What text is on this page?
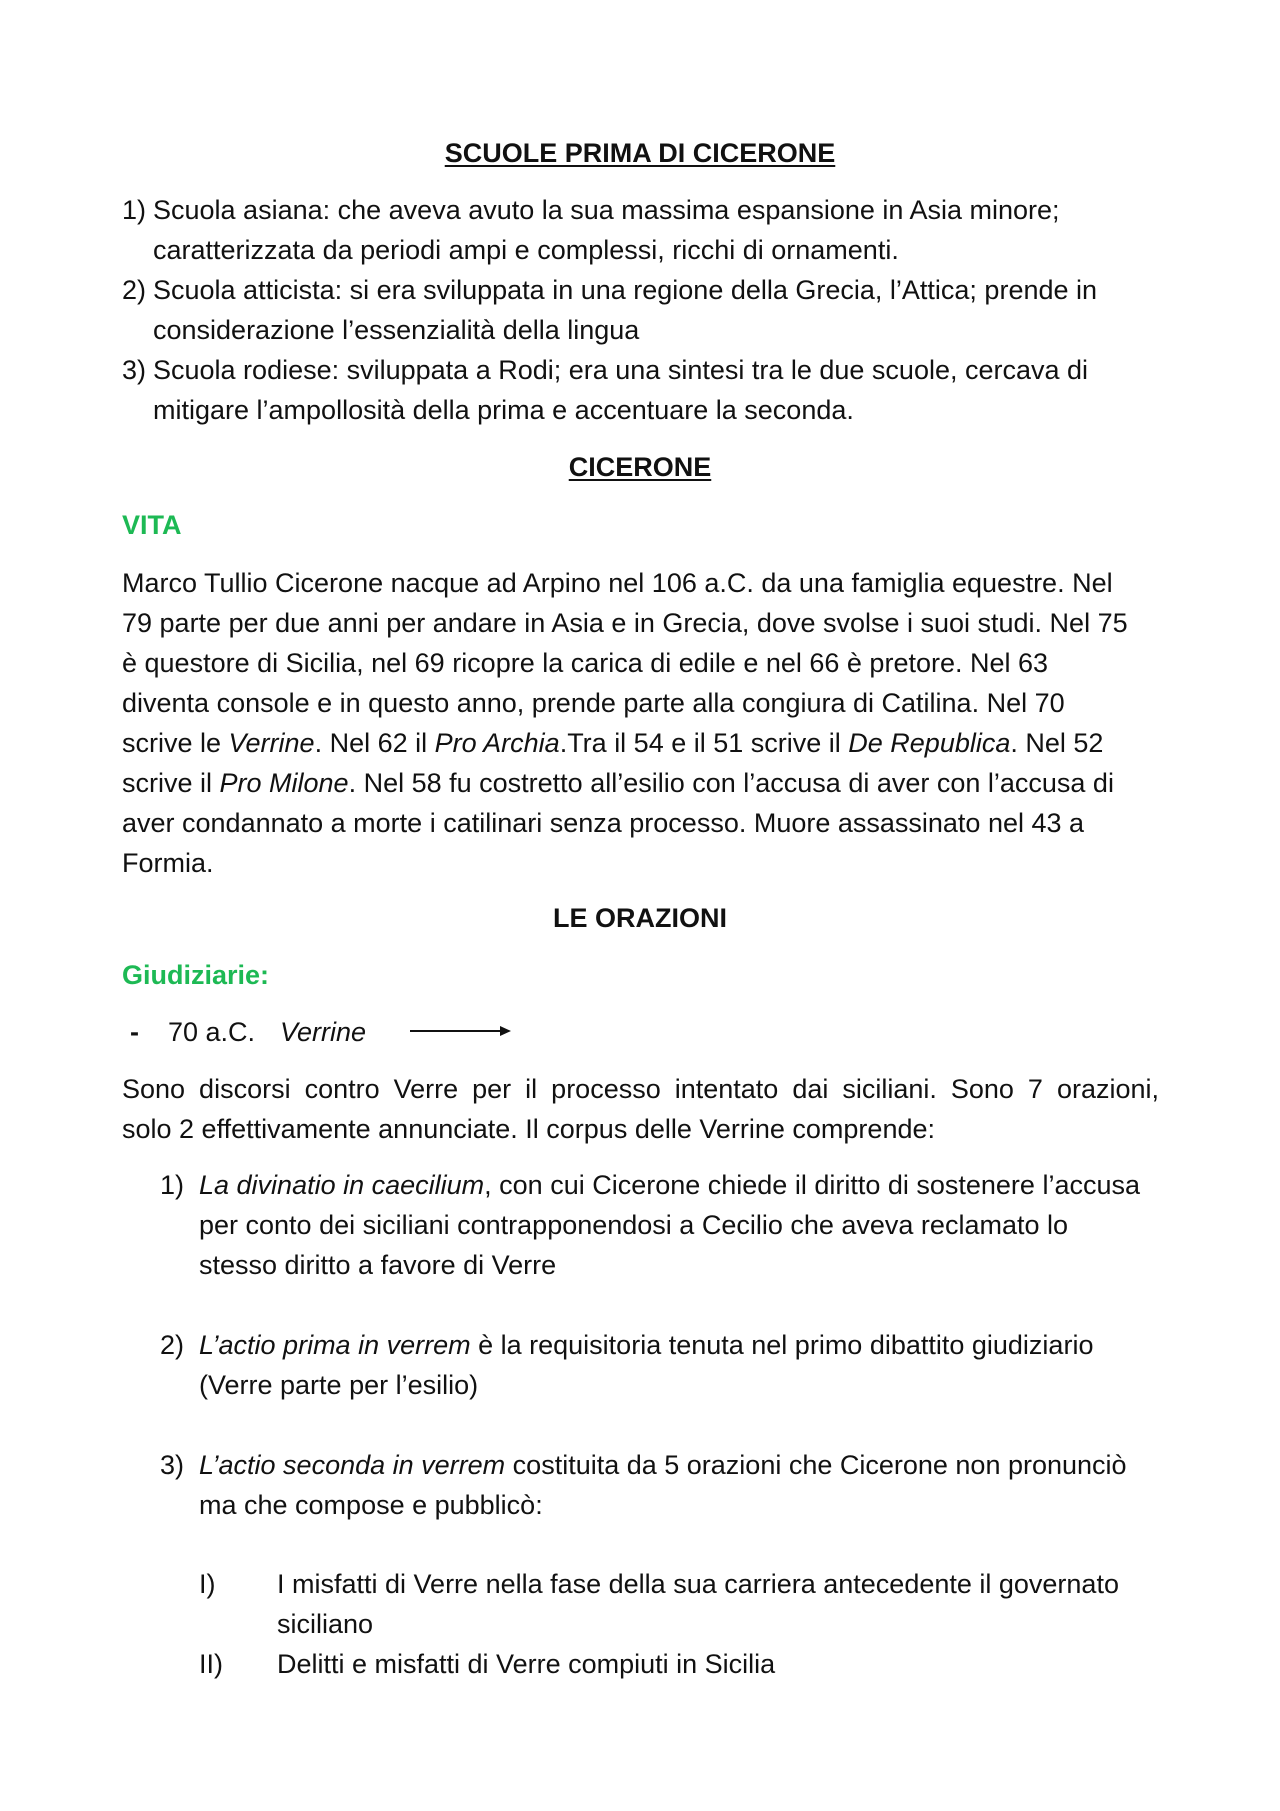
SCUOLE PRIMA DI CICERONE
1) Scuola asiana: che aveva avuto la sua massima espansione in Asia minore;
caratterizzata da periodi ampi e complessi, ricchi di ornamenti.
2) Scuola atticista: si era sviluppata in una regione della Grecia, l’Attica; prende in
considerazione l’essenzialità della lingua
3) Scuola rodiese: sviluppata a Rodi; era una sintesi tra le due scuole, cercava di
mitigare l’ampollosità della prima e accentuare la seconda.
CICERONE
VITA
Marco Tullio Cicerone nacque ad Arpino nel 106 a.C. da una famiglia equestre. Nel
79 parte per due anni per andare in Asia e in Grecia, dove svolse i suoi studi. Nel 75
è questore di Sicilia, nel 69 ricopre la carica di edile e nel 66 è pretore. Nel 63
diventa console e in questo anno, prende parte alla congiura di Catilina. Nel 70
scrive le Verrine. Nel 62 il Pro Archia.Tra il 54 e il 51 scrive il De Republica. Nel 52
scrive il Pro Milone. Nel 58 fu costretto all’esilio con l’accusa di aver con l’accusa di
aver condannato a morte i catilinari senza processo. Muore assassinato nel 43 a
Formia.
LE ORAZIONI
Giudiziarie:
- 70 a.C. Verrine
Sono discorsi contro Verre per il processo intentato dai siciliani. Sono 7 orazioni,
solo 2 effettivamente annunciate. Il corpus delle Verrine comprende:
1) La divinatio in caecilium, con cui Cicerone chiede il diritto di sostenere l’accusa
per conto dei siciliani contrapponendosi a Cecilio che aveva reclamato lo
stesso diritto a favore di Verre
2) L’actio prima in verrem è la requisitoria tenuta nel primo dibattito giudiziario
(Verre parte per l’esilio)
3) L’actio seconda in verrem costituita da 5 orazioni che Cicerone non pronunciò
ma che compose e pubblicò:
I) I misfatti di Verre nella fase della sua carriera antecedente il governato
siciliano
II) Delitti e misfatti di Verre compiuti in Sicilia
